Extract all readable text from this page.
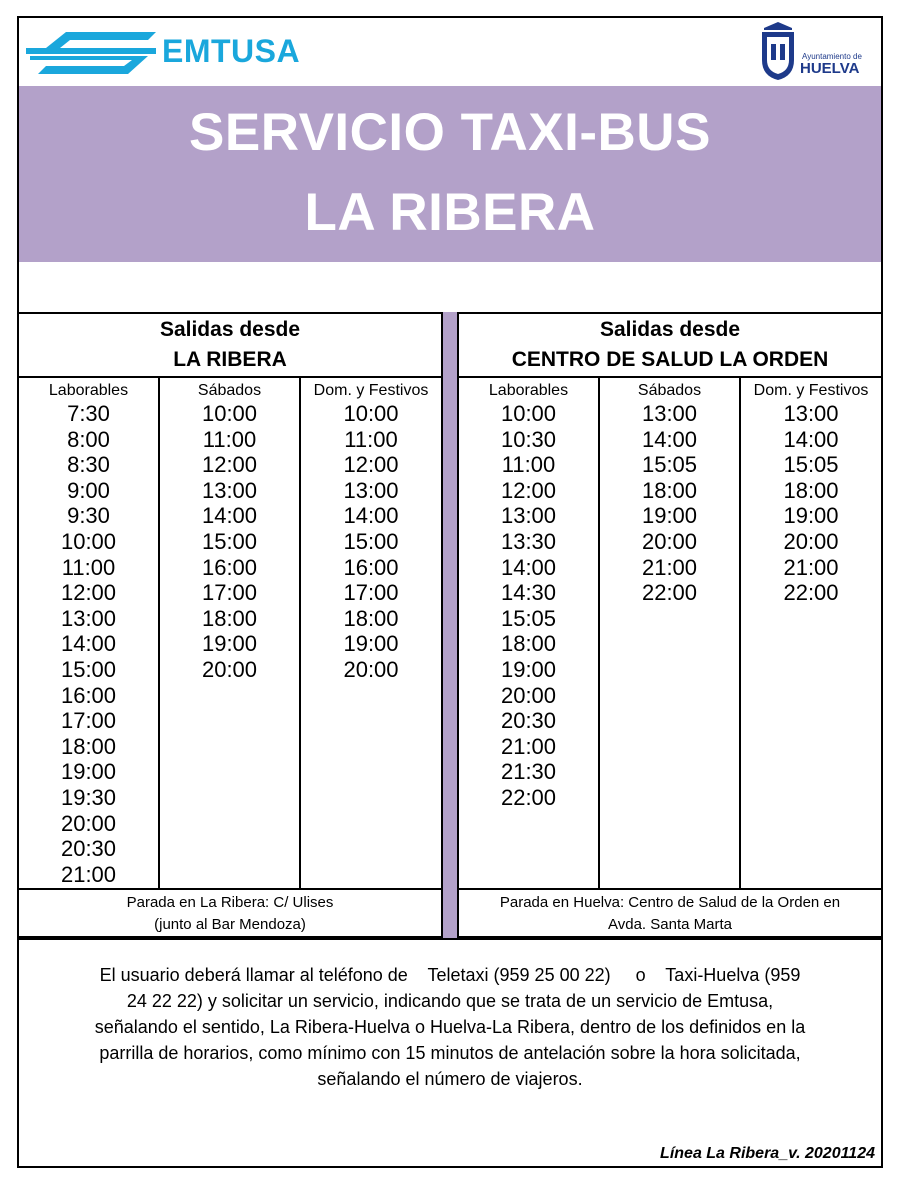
EMTUSA	Ayuntamiento de
HUELVA
SERVICIO TAXI-BUS
LA RIBERA
Salidas desde
LA RIBERA
Laborables
7:30
8:00
8:30
9:00
9:30
10:00
11:00
12:00
13:00
14:00
15:00
16:00
17:00
18:00
19:00
19:30
20:00
20:30
21:00
Sábados
10:00
11:00
12:00
13:00
14:00
15:00
16:00
17:00
18:00
19:00
20:00
Dom. y Festivos
10:00
11:00
12:00
13:00
14:00
15:00
16:00
17:00
18:00
19:00
20:00
Parada en La Ribera: C/ Ulises
(junto al Bar Mendoza)
Salidas desde
CENTRO DE SALUD LA ORDEN
Laborables
10:00
10:30
11:00
12:00
13:00
13:30
14:00
14:30
15:05
18:00
19:00
20:00
20:30
21:00
21:30
22:00
Sábados
13:00
14:00
15:05
18:00
19:00
20:00
21:00
22:00
Dom. y Festivos
13:00
14:00
15:05
18:00
19:00
20:00
21:00
22:00
Parada en Huelva: Centro de Salud de la Orden en
Avda. Santa Marta
El usuario deberá llamar al teléfono de    Teletaxi (959 25 00 22)     o    Taxi-Huelva (959
24 22 22) y solicitar un servicio, indicando que se trata de un servicio de Emtusa,
señalando el sentido, La Ribera-Huelva o Huelva-La Ribera, dentro de los definidos en la
parrilla de horarios, como mínimo con 15 minutos de antelación sobre la hora solicitada,
señalando el número de viajeros.
Línea La Ribera_v. 20201124
